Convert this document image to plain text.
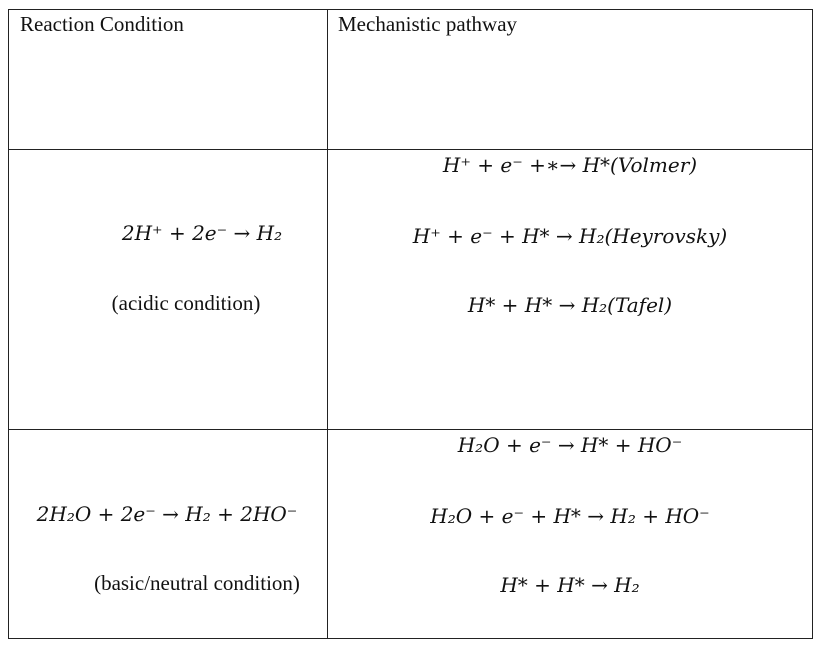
Reaction Condition	Mechanistic pathway
2H⁺ + 2e⁻ → H₂
(acidic condition)
H⁺ + e⁻ +∗→ H*(Volmer)
H⁺ + e⁻ + H* → H₂(Heyrovsky)
H* + H* → H₂(Tafel)
2H₂O + 2e⁻ → H₂ + 2HO⁻
(basic/neutral condition)
H₂O + e⁻ → H* + HO⁻
H₂O + e⁻ + H* → H₂ + HO⁻
H* + H* → H₂
